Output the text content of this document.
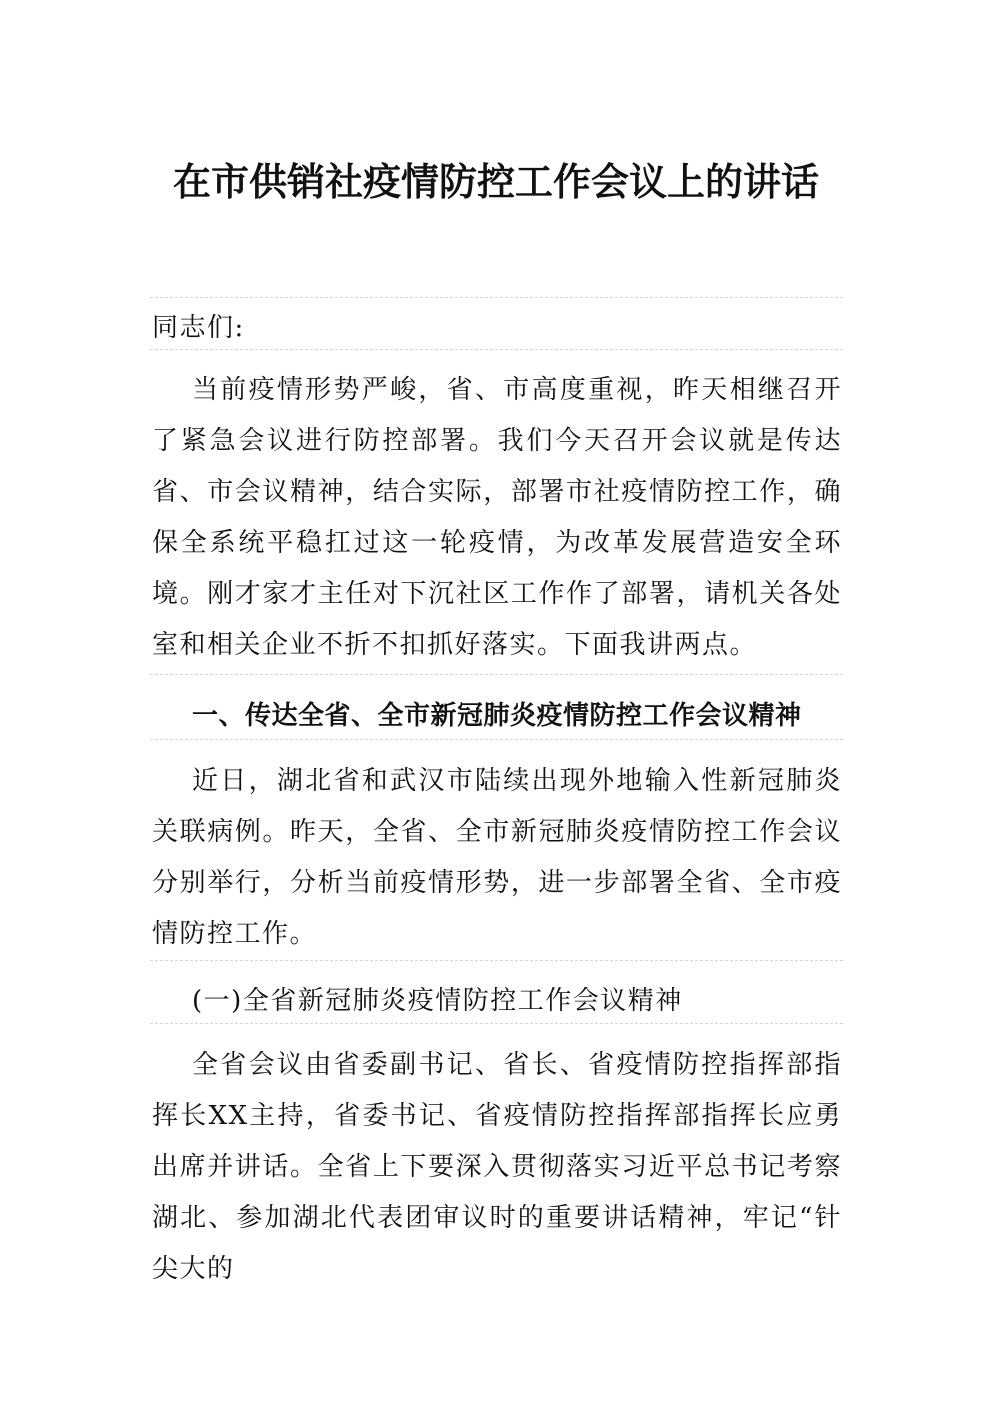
在市供销社疫情防控工作会议上的讲话
同志们:
当前疫情形势严峻，省、市高度重视，昨天相继召开了紧急会议进行防控部署。我们今天召开会议就是传达省、市会议精神，结合实际，部署市社疫情防控工作，确保全系统平稳扛过这一轮疫情，为改革发展营造安全环境。刚才家才主任对下沉社区工作作了部署，请机关各处室和相关企业不折不扣抓好落实。下面我讲两点。
一、传达全省、全市新冠肺炎疫情防控工作会议精神
近日，湖北省和武汉市陆续出现外地输入性新冠肺炎关联病例。昨天，全省、全市新冠肺炎疫情防控工作会议分别举行，分析当前疫情形势，进一步部署全省、全市疫情防控工作。
(一)全省新冠肺炎疫情防控工作会议精神
全省会议由省委副书记、省长、省疫情防控指挥部指挥长XX主持，省委书记、省疫情防控指挥部指挥长应勇出席并讲话。全省上下要深入贯彻落实习近平总书记考察湖北、参加湖北代表团审议时的重要讲话精神，牢记“针尖大的
